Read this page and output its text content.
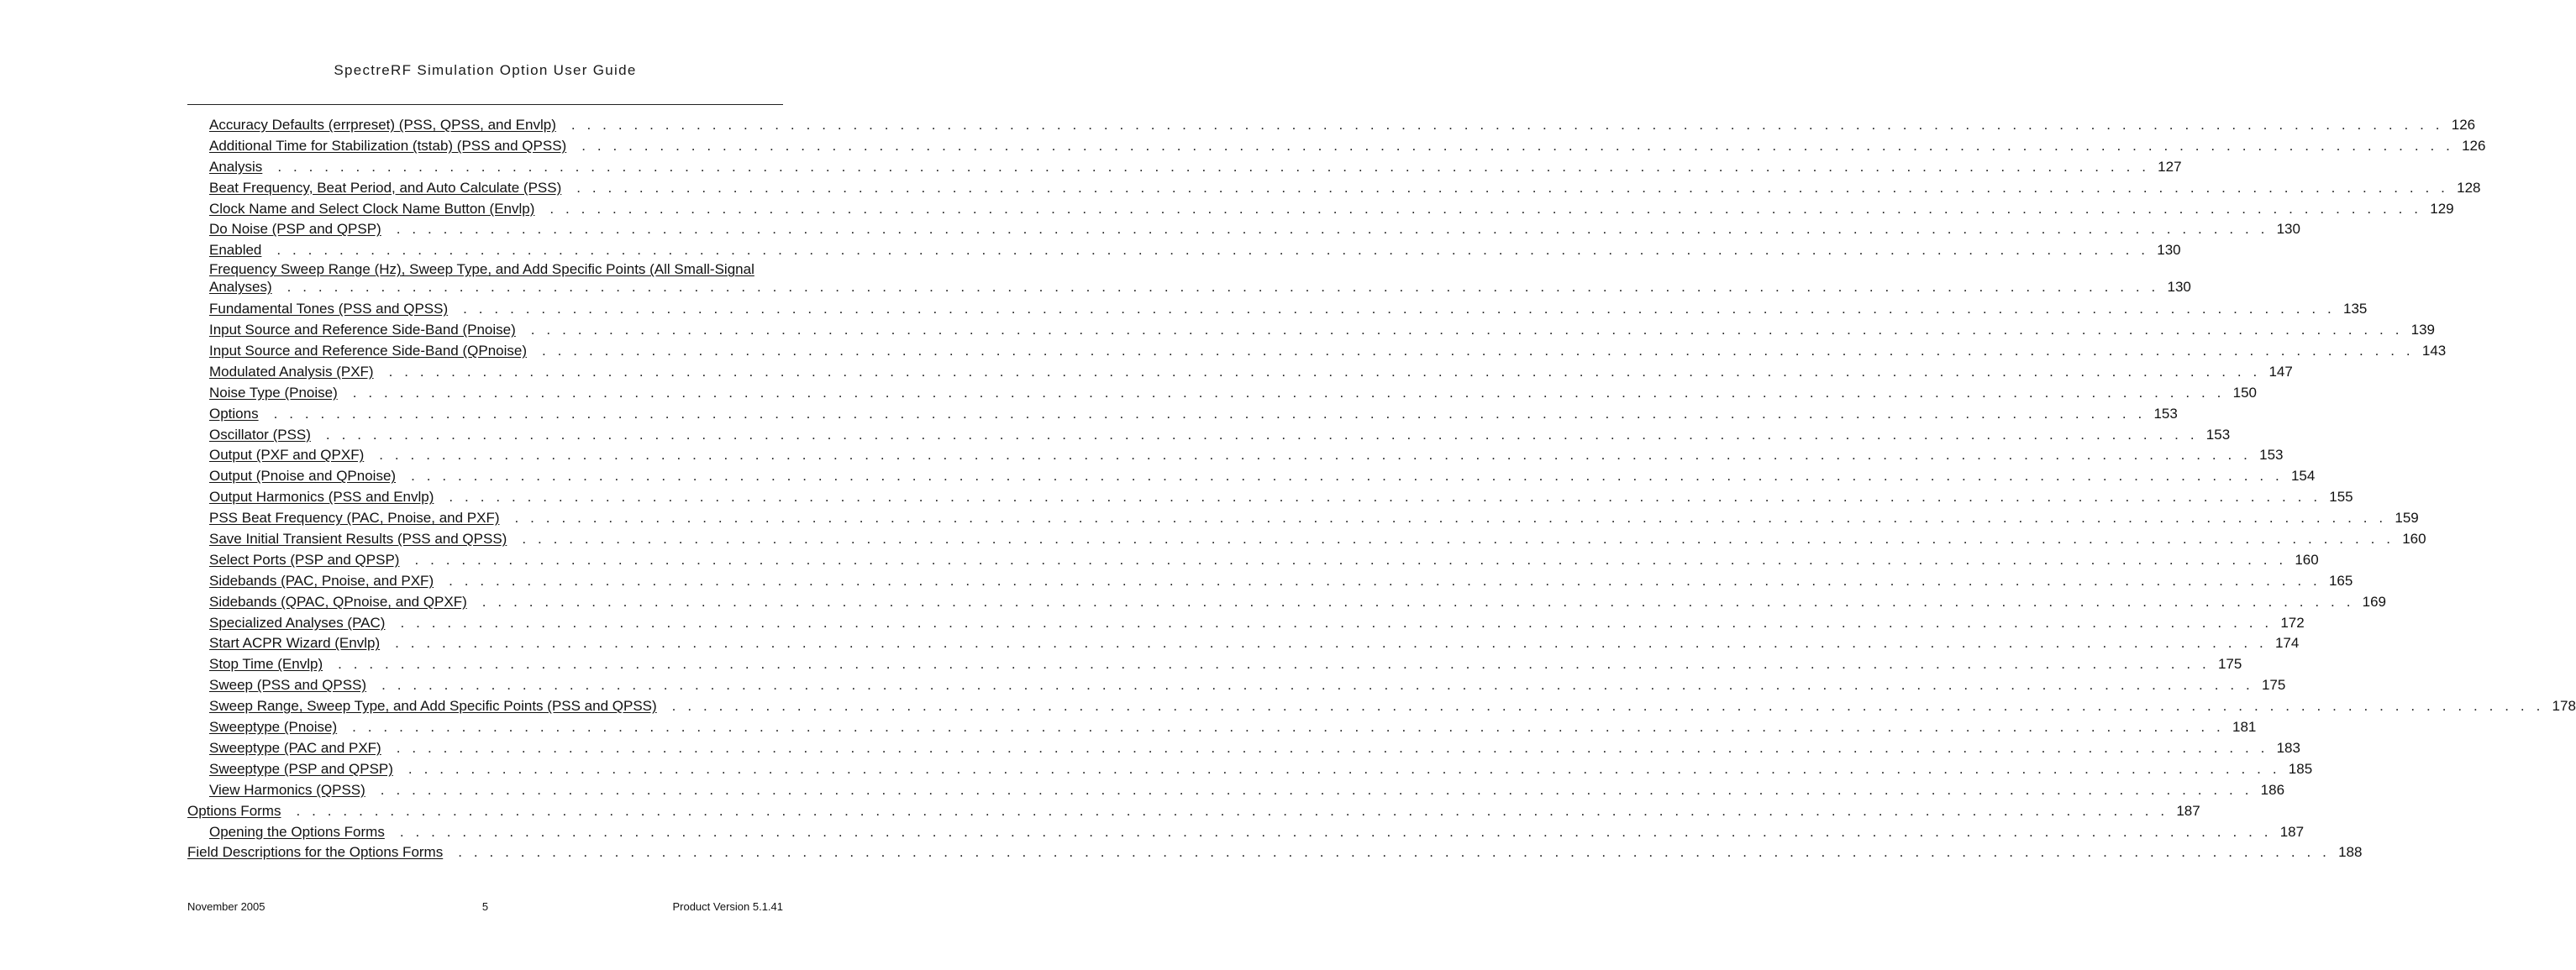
SpectreRF Simulation Option User Guide
Accuracy Defaults (errpreset) (PSS, QPSS, and Envlp) . . . . . . . . . . . . . . . . . . . . . . . . . . . . . . . . . . . . . . . . . . . . . . . . . . . . . . . . . . . . . . . . . . . . . . . . . . . . . . . . . . . . . . . . . . . . . . . . . . . . . . . . . . . . . . . . . . . . . . . . 126
Additional Time for Stabilization (tstab) (PSS and QPSS) . . . . . . . . . . . . . . . . . . . . . . . . . . . . . . . . . . . . . . . . . . . . . . . . . . . . . . . . . . . . . . . . . . . . . . . . . . . . . . . . . . . . . . . . . . . . . . . . . . . . . . . . . . . . . . . . . . . . . . . . 126
Analysis . . . . . . . . . . . . . . . . . . . . . . . . . . . . . . . . . . . . . . . . . . . . . . . . . . . . . . . . . . . . . . . . . . . . . . . . . . . . . . . . . . . . . . . . . . . . . . . . . . . . . . . . . . . . . . . . . . . . . . . . 127
Beat Frequency, Beat Period, and Auto Calculate (PSS) . . . . . . . . . . . . . . . . . . . . . . . . . . . . . . . . . . . . . . . . . . . . . . . . . . . . . . . . . . . . . . . . . . . . . . . . . . . . . . . . . . . . . . . . . . . . . . . . . . . . . . . . . . . . . . . . . . . . . . . . 128
Clock Name and Select Clock Name Button (Envlp) . . . . . . . . . . . . . . . . . . . . . . . . . . . . . . . . . . . . . . . . . . . . . . . . . . . . . . . . . . . . . . . . . . . . . . . . . . . . . . . . . . . . . . . . . . . . . . . . . . . . . . . . . . . . . . . . . . . . . . . . 129
Do Noise (PSP and QPSP) . . . . . . . . . . . . . . . . . . . . . . . . . . . . . . . . . . . . . . . . . . . . . . . . . . . . . . . . . . . . . . . . . . . . . . . . . . . . . . . . . . . . . . . . . . . . . . . . . . . . . . . . . . . . . . . . . . . . . . . . 130
Enabled . . . . . . . . . . . . . . . . . . . . . . . . . . . . . . . . . . . . . . . . . . . . . . . . . . . . . . . . . . . . . . . . . . . . . . . . . . . . . . . . . . . . . . . . . . . . . . . . . . . . . . . . . . . . . . . . . . . . . . . . 130
Frequency Sweep Range (Hz), Sweep Type, and Add Specific Points (All Small-Signal
Analyses) . . . . . . . . . . . . . . . . . . . . . . . . . . . . . . . . . . . . . . . . . . . . . . . . . . . . . . . . . . . . . . . . . . . . . . . . . . . . . . . . . . . . . . . . . . . . . . . . . . . . . . . . . . . . . . . . . . . . . . . . 130
Fundamental Tones (PSS and QPSS) . . . . . . . . . . . . . . . . . . . . . . . . . . . . . . . . . . . . . . . . . . . . . . . . . . . . . . . . . . . . . . . . . . . . . . . . . . . . . . . . . . . . . . . . . . . . . . . . . . . . . . . . . . . . . . . . . . . . . . . . 135
Input Source and Reference Side-Band (Pnoise) . . . . . . . . . . . . . . . . . . . . . . . . . . . . . . . . . . . . . . . . . . . . . . . . . . . . . . . . . . . . . . . . . . . . . . . . . . . . . . . . . . . . . . . . . . . . . . . . . . . . . . . . . . . . . . . . . . . . . . . . 139
Input Source and Reference Side-Band (QPnoise) . . . . . . . . . . . . . . . . . . . . . . . . . . . . . . . . . . . . . . . . . . . . . . . . . . . . . . . . . . . . . . . . . . . . . . . . . . . . . . . . . . . . . . . . . . . . . . . . . . . . . . . . . . . . . . . . . . . . . . . . 143
Modulated Analysis (PXF) . . . . . . . . . . . . . . . . . . . . . . . . . . . . . . . . . . . . . . . . . . . . . . . . . . . . . . . . . . . . . . . . . . . . . . . . . . . . . . . . . . . . . . . . . . . . . . . . . . . . . . . . . . . . . . . . . . . . . . . . 147
Noise Type (Pnoise) . . . . . . . . . . . . . . . . . . . . . . . . . . . . . . . . . . . . . . . . . . . . . . . . . . . . . . . . . . . . . . . . . . . . . . . . . . . . . . . . . . . . . . . . . . . . . . . . . . . . . . . . . . . . . . . . . . . . . . . . 150
Options . . . . . . . . . . . . . . . . . . . . . . . . . . . . . . . . . . . . . . . . . . . . . . . . . . . . . . . . . . . . . . . . . . . . . . . . . . . . . . . . . . . . . . . . . . . . . . . . . . . . . . . . . . . . . . . . . . . . . . . . 153
Oscillator (PSS) . . . . . . . . . . . . . . . . . . . . . . . . . . . . . . . . . . . . . . . . . . . . . . . . . . . . . . . . . . . . . . . . . . . . . . . . . . . . . . . . . . . . . . . . . . . . . . . . . . . . . . . . . . . . . . . . . . . . . . . . 153
Output (PXF and QPXF) . . . . . . . . . . . . . . . . . . . . . . . . . . . . . . . . . . . . . . . . . . . . . . . . . . . . . . . . . . . . . . . . . . . . . . . . . . . . . . . . . . . . . . . . . . . . . . . . . . . . . . . . . . . . . . . . . . . . . . . . 153
Output (Pnoise and QPnoise) . . . . . . . . . . . . . . . . . . . . . . . . . . . . . . . . . . . . . . . . . . . . . . . . . . . . . . . . . . . . . . . . . . . . . . . . . . . . . . . . . . . . . . . . . . . . . . . . . . . . . . . . . . . . . . . . . . . . . . . . 154
Output Harmonics (PSS and Envlp) . . . . . . . . . . . . . . . . . . . . . . . . . . . . . . . . . . . . . . . . . . . . . . . . . . . . . . . . . . . . . . . . . . . . . . . . . . . . . . . . . . . . . . . . . . . . . . . . . . . . . . . . . . . . . . . . . . . . . . . . 155
PSS Beat Frequency (PAC, Pnoise, and PXF) . . . . . . . . . . . . . . . . . . . . . . . . . . . . . . . . . . . . . . . . . . . . . . . . . . . . . . . . . . . . . . . . . . . . . . . . . . . . . . . . . . . . . . . . . . . . . . . . . . . . . . . . . . . . . . . . . . . . . . . . 159
Save Initial Transient Results (PSS and QPSS) . . . . . . . . . . . . . . . . . . . . . . . . . . . . . . . . . . . . . . . . . . . . . . . . . . . . . . . . . . . . . . . . . . . . . . . . . . . . . . . . . . . . . . . . . . . . . . . . . . . . . . . . . . . . . . . . . . . . . . . . 160
Select Ports (PSP and QPSP) . . . . . . . . . . . . . . . . . . . . . . . . . . . . . . . . . . . . . . . . . . . . . . . . . . . . . . . . . . . . . . . . . . . . . . . . . . . . . . . . . . . . . . . . . . . . . . . . . . . . . . . . . . . . . . . . . . . . . . . . 160
Sidebands (PAC, Pnoise, and PXF) . . . . . . . . . . . . . . . . . . . . . . . . . . . . . . . . . . . . . . . . . . . . . . . . . . . . . . . . . . . . . . . . . . . . . . . . . . . . . . . . . . . . . . . . . . . . . . . . . . . . . . . . . . . . . . . . . . . . . . . . 165
Sidebands (QPAC, QPnoise, and QPXF) . . . . . . . . . . . . . . . . . . . . . . . . . . . . . . . . . . . . . . . . . . . . . . . . . . . . . . . . . . . . . . . . . . . . . . . . . . . . . . . . . . . . . . . . . . . . . . . . . . . . . . . . . . . . . . . . . . . . . . . . 169
Specialized Analyses (PAC) . . . . . . . . . . . . . . . . . . . . . . . . . . . . . . . . . . . . . . . . . . . . . . . . . . . . . . . . . . . . . . . . . . . . . . . . . . . . . . . . . . . . . . . . . . . . . . . . . . . . . . . . . . . . . . . . . . . . . . . . 172
Start ACPR Wizard (Envlp) . . . . . . . . . . . . . . . . . . . . . . . . . . . . . . . . . . . . . . . . . . . . . . . . . . . . . . . . . . . . . . . . . . . . . . . . . . . . . . . . . . . . . . . . . . . . . . . . . . . . . . . . . . . . . . . . . . . . . . . . 174
Stop Time (Envlp) . . . . . . . . . . . . . . . . . . . . . . . . . . . . . . . . . . . . . . . . . . . . . . . . . . . . . . . . . . . . . . . . . . . . . . . . . . . . . . . . . . . . . . . . . . . . . . . . . . . . . . . . . . . . . . . . . . . . . . . . 175
Sweep (PSS and QPSS) . . . . . . . . . . . . . . . . . . . . . . . . . . . . . . . . . . . . . . . . . . . . . . . . . . . . . . . . . . . . . . . . . . . . . . . . . . . . . . . . . . . . . . . . . . . . . . . . . . . . . . . . . . . . . . . . . . . . . . . . 175
Sweep Range, Sweep Type, and Add Specific Points (PSS and QPSS) . . . . . . . . . . . . . . . . . . . . . . . . . . . . . . . . . . . . . . . . . . . . . . . . . . . . . . . . . . . . . . . . . . . . . . . . . . . . . . . . . . . . . . . . . . . . . . . . . . . . . . . . . . . . . . . . . . . . . . . . 178
Sweeptype (Pnoise) . . . . . . . . . . . . . . . . . . . . . . . . . . . . . . . . . . . . . . . . . . . . . . . . . . . . . . . . . . . . . . . . . . . . . . . . . . . . . . . . . . . . . . . . . . . . . . . . . . . . . . . . . . . . . . . . . . . . . . . . 181
Sweeptype (PAC and PXF) . . . . . . . . . . . . . . . . . . . . . . . . . . . . . . . . . . . . . . . . . . . . . . . . . . . . . . . . . . . . . . . . . . . . . . . . . . . . . . . . . . . . . . . . . . . . . . . . . . . . . . . . . . . . . . . . . . . . . . . . 183
Sweeptype (PSP and QPSP) . . . . . . . . . . . . . . . . . . . . . . . . . . . . . . . . . . . . . . . . . . . . . . . . . . . . . . . . . . . . . . . . . . . . . . . . . . . . . . . . . . . . . . . . . . . . . . . . . . . . . . . . . . . . . . . . . . . . . . . . 185
View Harmonics (QPSS) . . . . . . . . . . . . . . . . . . . . . . . . . . . . . . . . . . . . . . . . . . . . . . . . . . . . . . . . . . . . . . . . . . . . . . . . . . . . . . . . . . . . . . . . . . . . . . . . . . . . . . . . . . . . . . . . . . . . . . . . 186
Options Forms . . . . . . . . . . . . . . . . . . . . . . . . . . . . . . . . . . . . . . . . . . . . . . . . . . . . . . . . . . . . . . . . . . . . . . . . . . . . . . . . . . . . . . . . . . . . . . . . . . . . . . . . . . . . . . . . . . . . . . . . 187
Opening the Options Forms . . . . . . . . . . . . . . . . . . . . . . . . . . . . . . . . . . . . . . . . . . . . . . . . . . . . . . . . . . . . . . . . . . . . . . . . . . . . . . . . . . . . . . . . . . . . . . . . . . . . . . . . . . . . . . . . . . . . . . . . 187
Field Descriptions for the Options Forms . . . . . . . . . . . . . . . . . . . . . . . . . . . . . . . . . . . . . . . . . . . . . . . . . . . . . . . . . . . . . . . . . . . . . . . . . . . . . . . . . . . . . . . . . . . . . . . . . . . . . . . . . . . . . . . . . . . . . . . . 188
November 2005	5	Product Version 5.1.41
